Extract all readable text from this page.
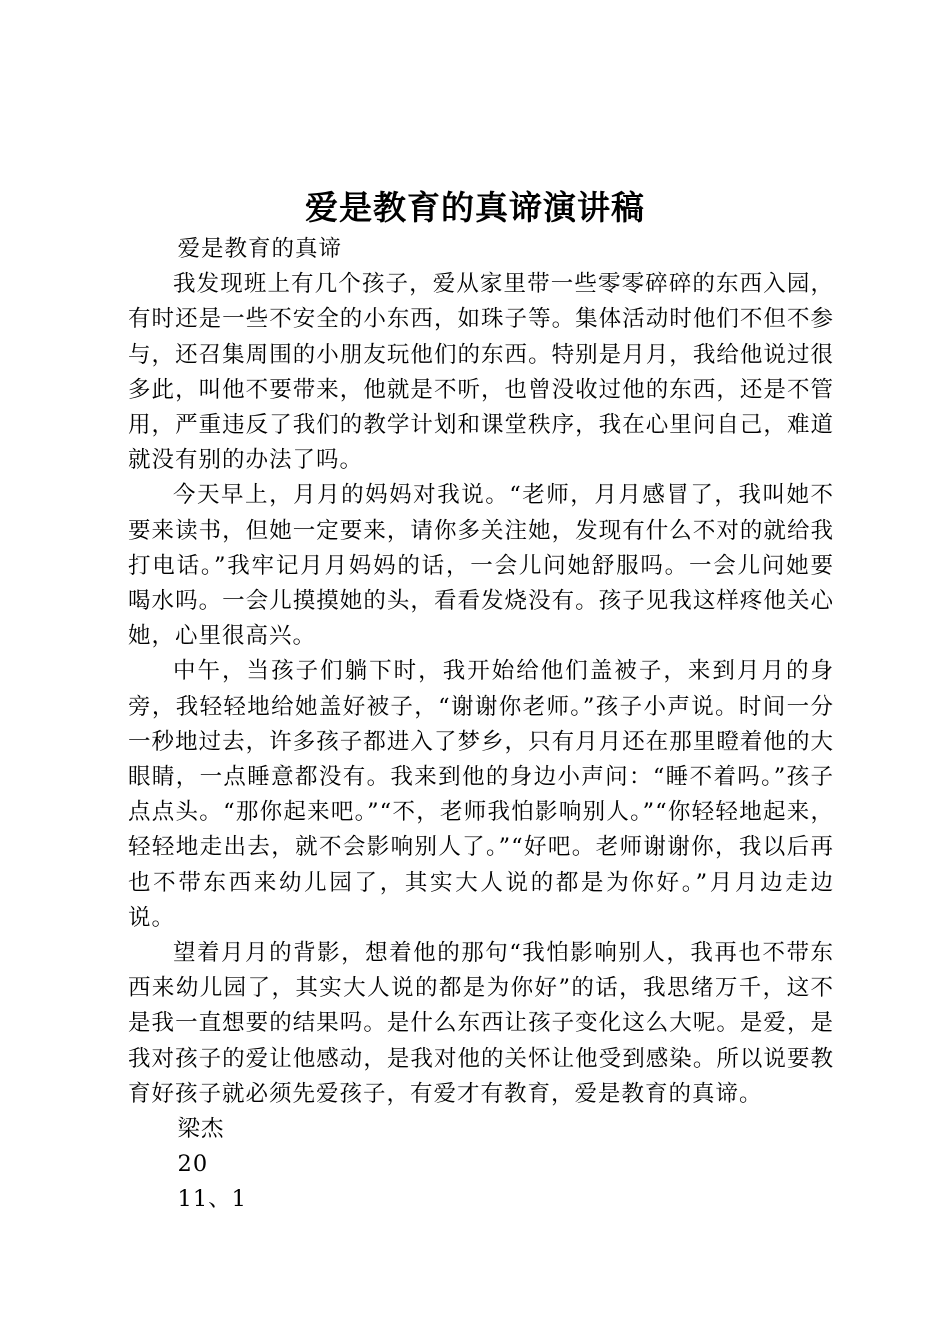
爱是教育的真谛演讲稿

爱是教育的真谛

我发现班上有几个孩子，爱从家里带一些零零碎碎的东西入园，有时还是一些不安全的小东西，如珠子等。集体活动时他们不但不参与，还召集周围的小朋友玩他们的东西。特别是月月，我给他说过很多此，叫他不要带来，他就是不听，也曾没收过他的东西，还是不管用，严重违反了我们的教学计划和课堂秩序，我在心里问自己，难道就没有别的办法了吗。

今天早上，月月的妈妈对我说。“老师，月月感冒了，我叫她不要来读书，但她一定要来，请你多关注她，发现有什么不对的就给我打电话。”我牢记月月妈妈的话，一会儿问她舒服吗。一会儿问她要喝水吗。一会儿摸摸她的头，看看发烧没有。孩子见我这样疼他关心她，心里很高兴。

中午，当孩子们躺下时，我开始给他们盖被子，来到月月的身旁，我轻轻地给她盖好被子，“谢谢你老师。”孩子小声说。时间一分一秒地过去，许多孩子都进入了梦乡，只有月月还在那里瞪着他的大眼睛，一点睡意都没有。我来到他的身边小声问：“睡不着吗。”孩子点点头。“那你起来吧。”“不，老师我怕影响别人。”“你轻轻地起来，轻轻地走出去，就不会影响别人了。”“好吧。老师谢谢你，我以后再也不带东西来幼儿园了，其实大人说的都是为你好。”月月边走边说。

望着月月的背影，想着他的那句“我怕影响别人，我再也不带东西来幼儿园了，其实大人说的都是为你好”的话，我思绪万千，这不是我一直想要的结果吗。是什么东西让孩子变化这么大呢。是爱，是我对孩子的爱让他感动，是我对他的关怀让他受到感染。所以说要教育好孩子就必须先爱孩子，有爱才有教育，爱是教育的真谛。

梁杰

20

11、1
